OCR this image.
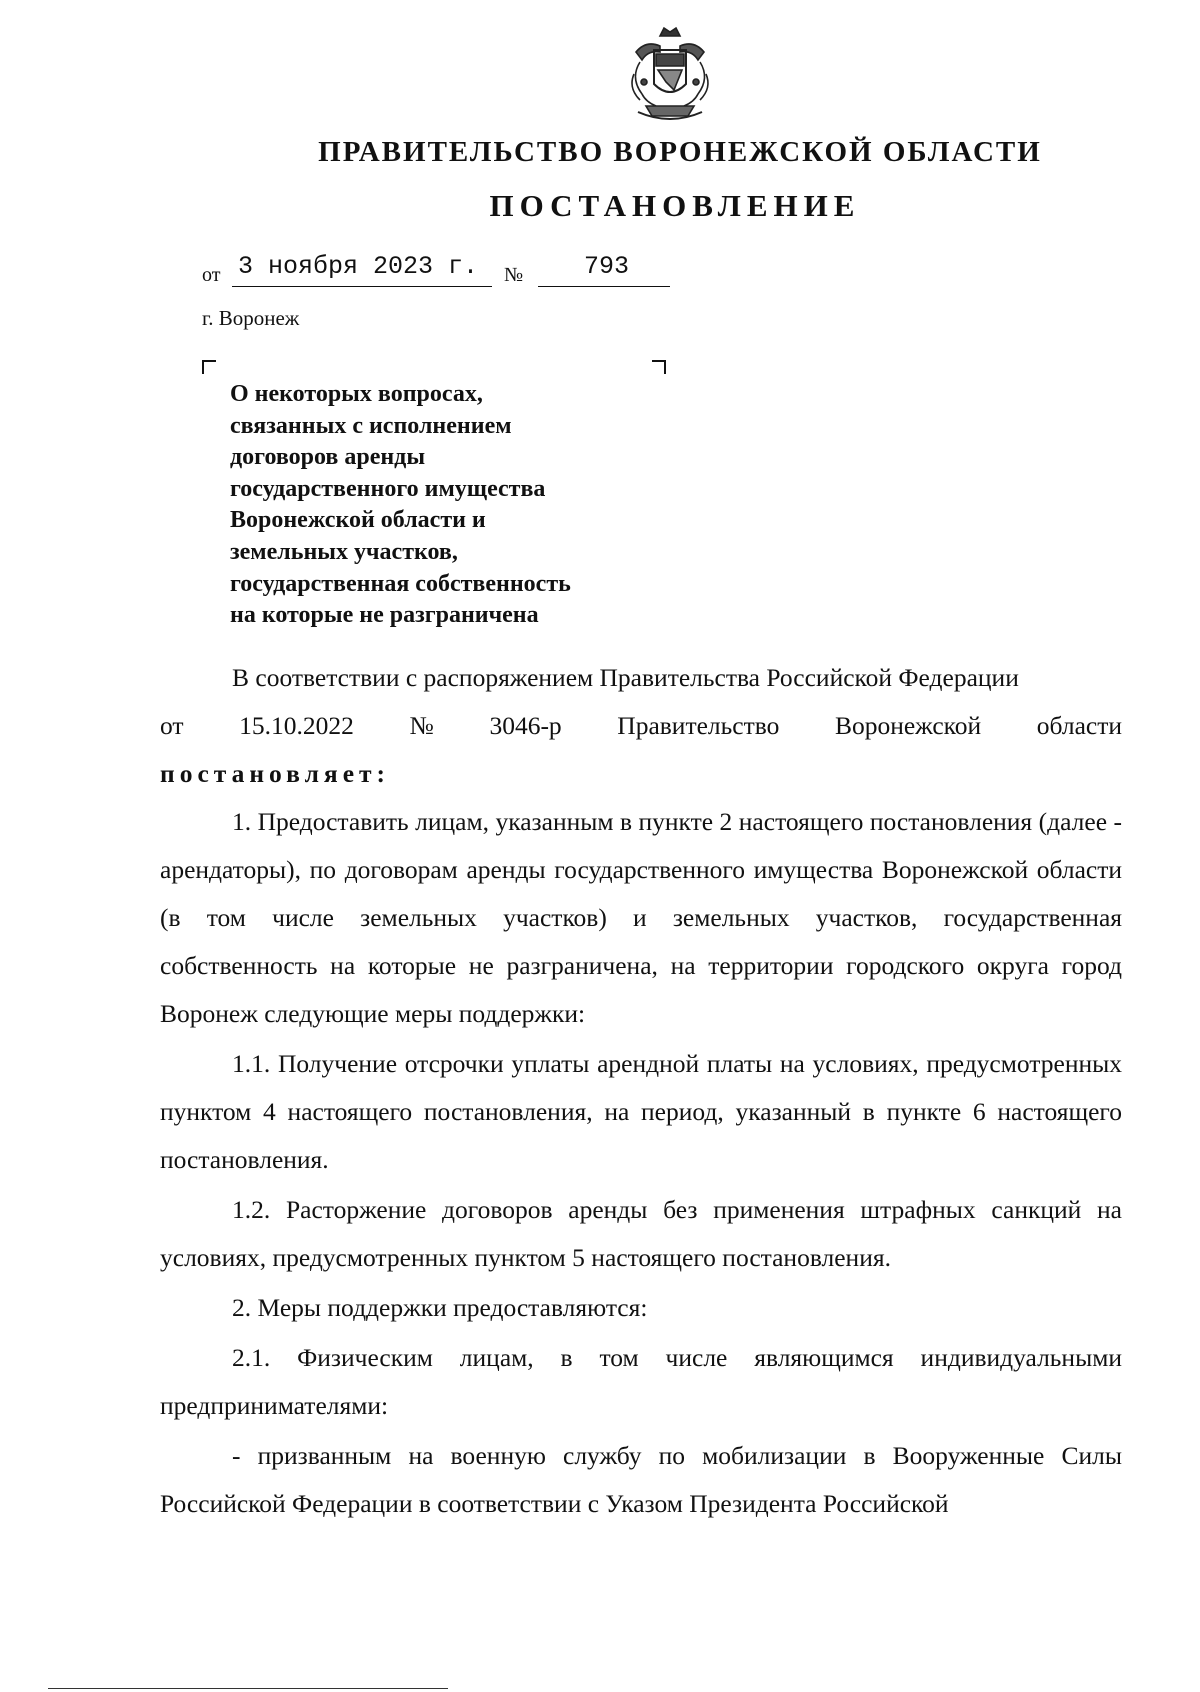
ПРАВИТЕЛЬСТВО ВОРОНЕЖСКОЙ ОБЛАСТИ
ПОСТАНОВЛЕНИЕ
от 3 ноября 2023 г. № 793
г. Воронеж
О некоторых вопросах,
связанных с исполнением
договоров аренды
государственного имущества
Воронежской области и
земельных участков,
государственная собственность
на которые не разграничена

В соответствии с распоряжением Правительства Российской Федерации

от 15.10.2022 № 3046-р Правительство Воронежской области

постановляет:

1. Предоставить лицам, указанным в пункте 2 настоящего постановления (далее - арендаторы), по договорам аренды государственного имущества Воронежской области (в том числе земельных участков) и земельных участков, государственная собственность на которые не разграничена, на территории городского округа город Воронеж следующие меры поддержки:

1.1. Получение отсрочки уплаты арендной платы на условиях, предусмотренных пунктом 4 настоящего постановления, на период, указанный в пункте 6 настоящего постановления.

1.2. Расторжение договоров аренды без применения штрафных санкций на условиях, предусмотренных пунктом 5 настоящего постановления.

2. Меры поддержки предоставляются:

2.1. Физическим лицам, в том числе являющимся индивидуальными предпринимателями:

- призванным на военную службу по мобилизации в Вооруженные Силы Российской Федерации в соответствии с Указом Президента Российской
